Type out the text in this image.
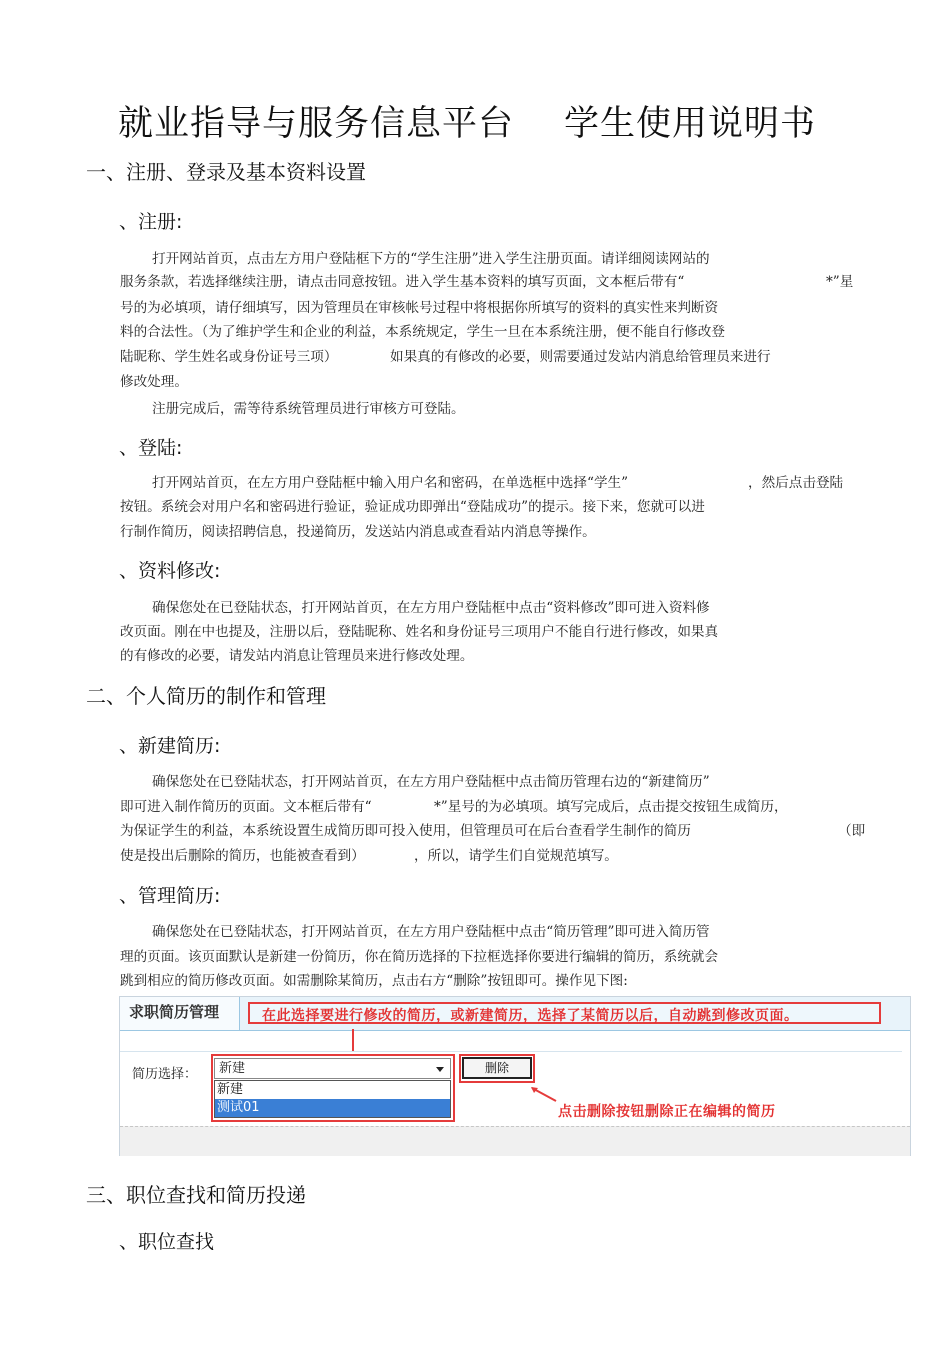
就业指导与服务信息平台 学生使用说明书
一、注册、登录及基本资料设置
、注册:
打开网站首页，点击左方用户登陆框下方的“学生注册”进入学生注册页面。请详细阅读网站的
服务条款，若选择继续注册，请点击同意按钮。进入学生基本资料的填写页面，文本框后带有“	*”星
号的为必填项，请仔细填写，因为管理员在审核帐号过程中将根据你所填写的资料的真实性来判断资
料的合法性。（为了维护学生和企业的利益，本系统规定，学生一旦在本系统注册，便不能自行修改登
陆昵称、学生姓名或身份证号三项）	如果真的有修改的必要，则需要通过发站内消息给管理员来进行
修改处理。
注册完成后，需等待系统管理员进行审核方可登陆。
、登陆:
打开网站首页，在左方用户登陆框中输入用户名和密码，在单选框中选择“学生”	，然后点击登陆
按钮。系统会对用户名和密码进行验证，验证成功即弹出“登陆成功”的提示。接下来，您就可以进
行制作简历，阅读招聘信息，投递简历，发送站内消息或查看站内消息等操作。
、资料修改:
确保您处在已登陆状态，打开网站首页，在左方用户登陆框中点击“资料修改”即可进入资料修
改页面。刚在中也提及，注册以后，登陆昵称、姓名和身份证号三项用户不能自行进行修改，如果真
的有修改的必要，请发站内消息让管理员来进行修改处理。
二、个人简历的制作和管理
、新建简历:
确保您处在已登陆状态，打开网站首页，在左方用户登陆框中点击简历管理右边的“新建简历”
即可进入制作简历的页面。文本框后带有“	*”星号的为必填项。填写完成后，点击提交按钮生成简历，
为保证学生的利益，本系统设置生成简历即可投入使用，但管理员可在后台查看学生制作的简历	（即
使是投出后删除的简历，也能被查看到）	，所以，请学生们自觉规范填写。
、管理简历:
确保您处在已登陆状态，打开网站首页，在左方用户登陆框中点击“简历管理”即可进入简历管
理的页面。该页面默认是新建一份简历，你在简历选择的下拉框选择你要进行编辑的简历，系统就会
跳到相应的简历修改页面。如需删除某简历，点击右方“删除”按钮即可。操作见下图:
求职简历管理	在此选择要进行修改的简历，或新建简历，选择了某简历以后，自动跳到修改页面。
简历选择：	新建
新建
测试01
删除
点击删除按钮删除正在编辑的简历
三、职位查找和简历投递
、职位查找
